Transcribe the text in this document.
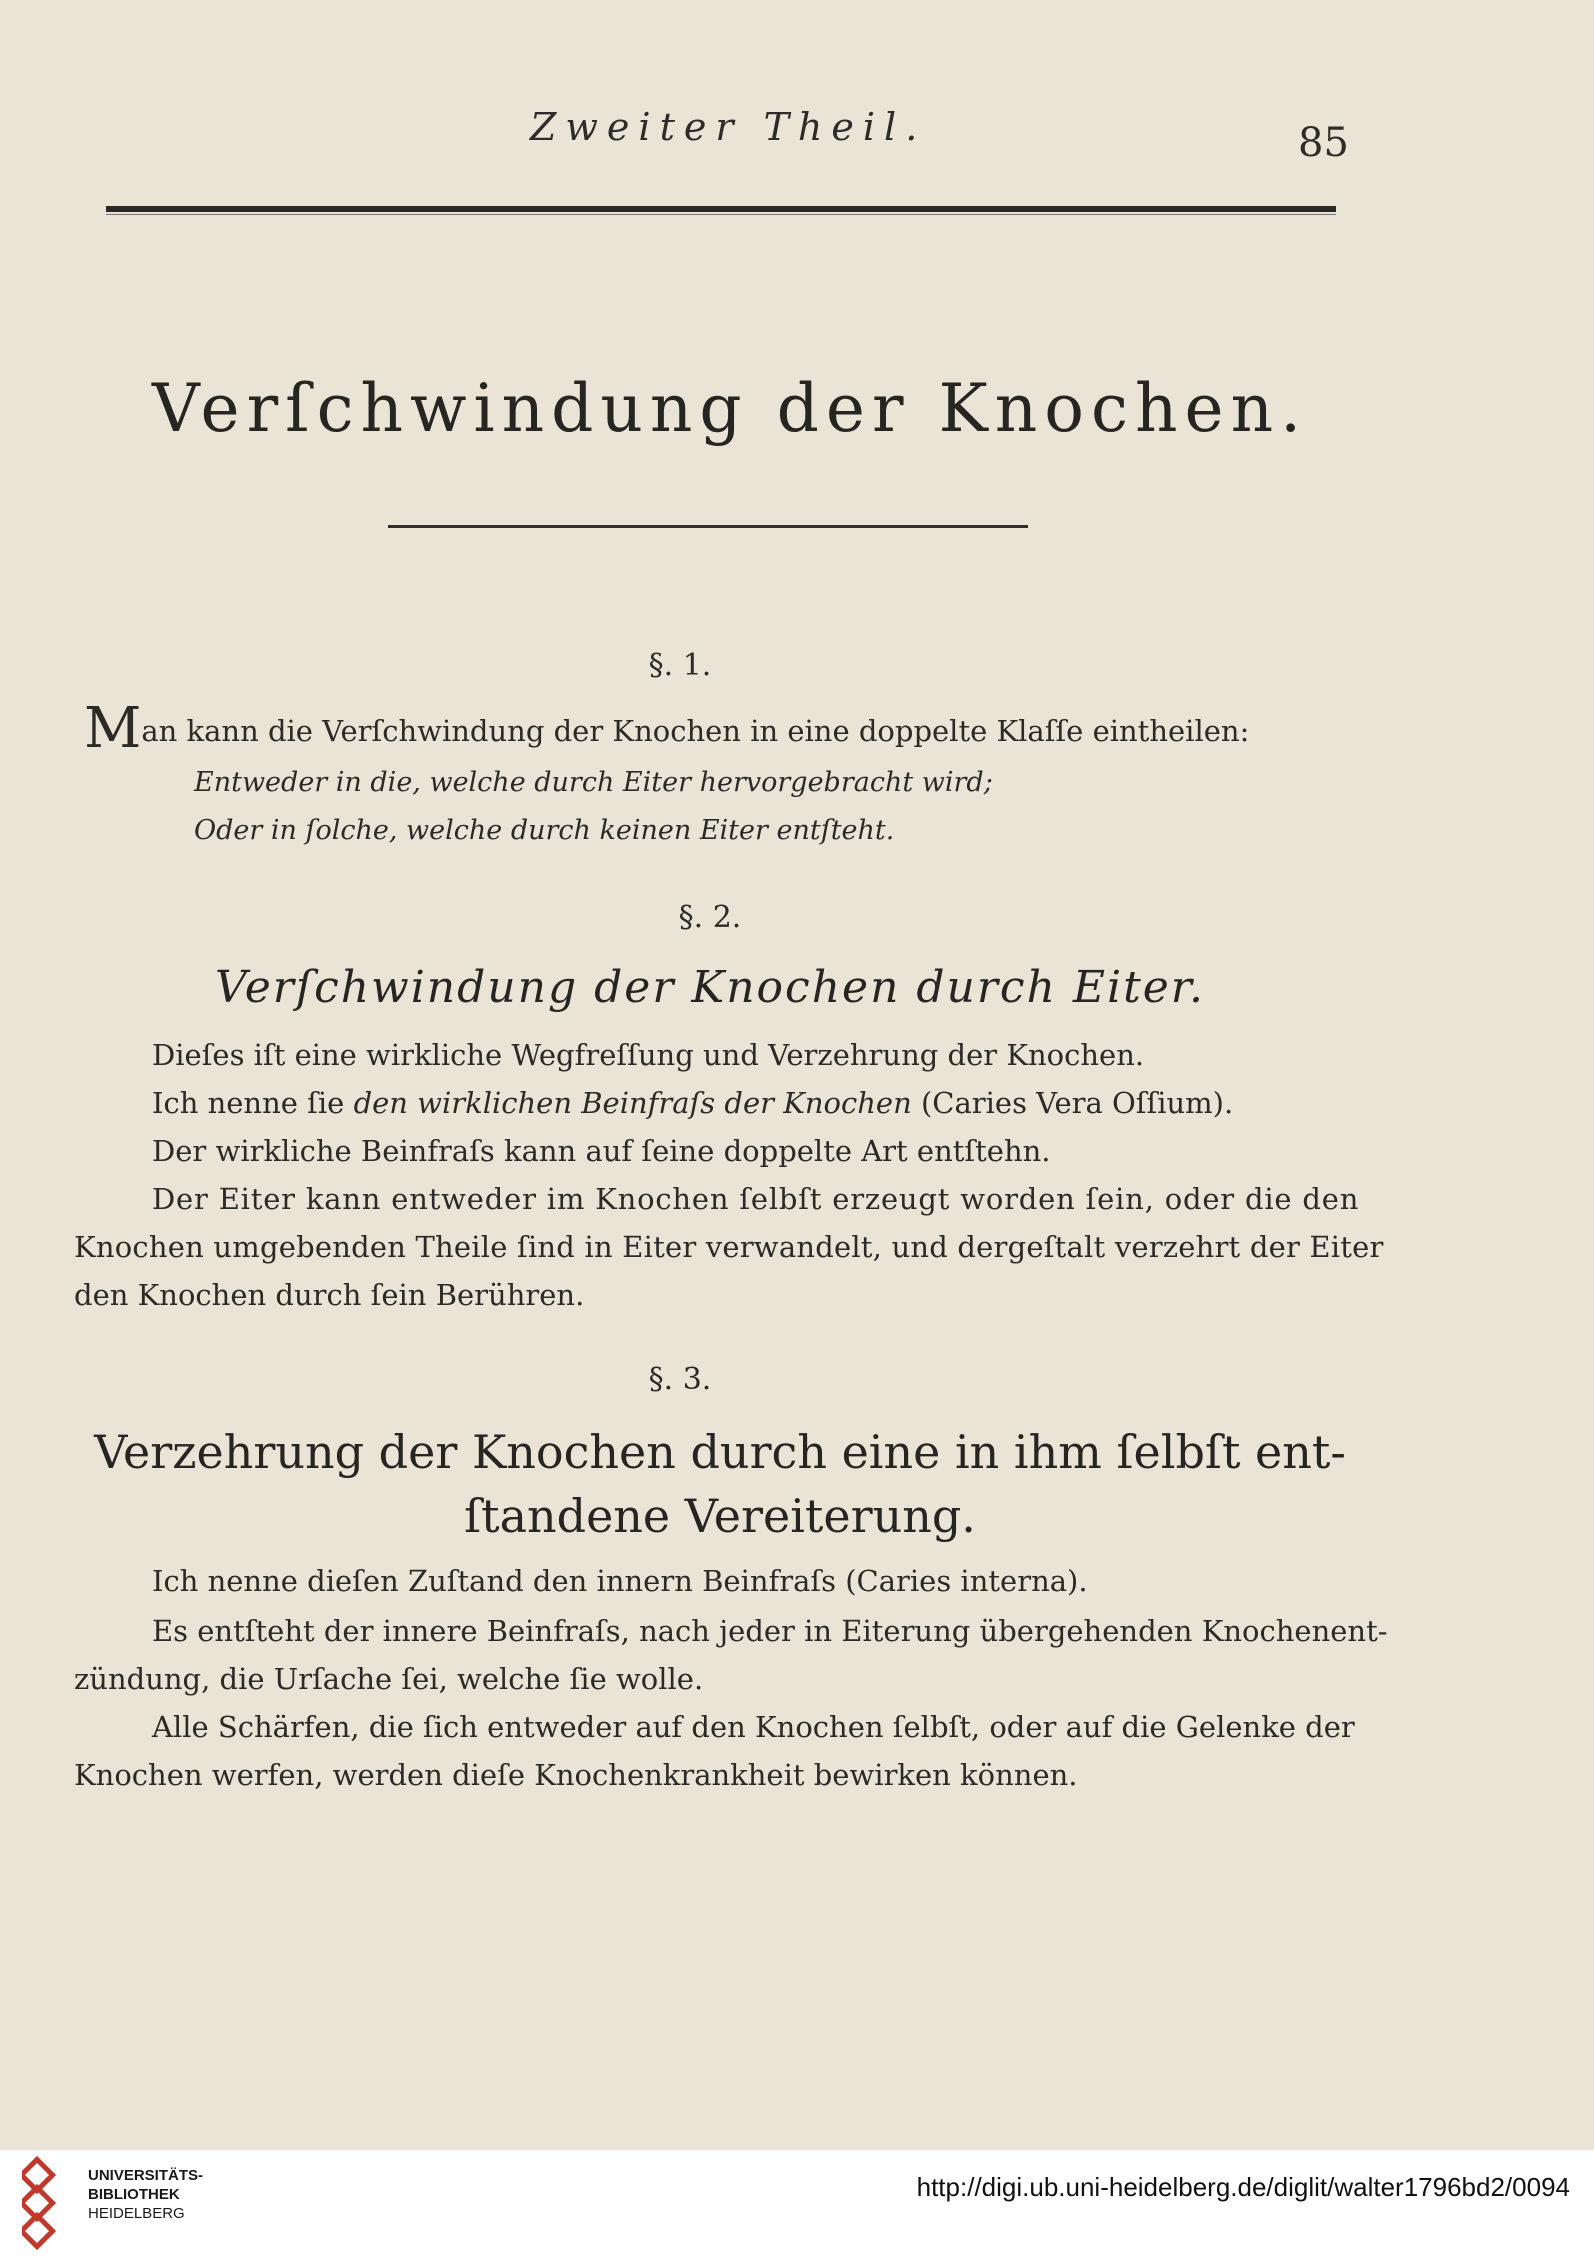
Zweiter Theil.	85
Verſchwindung der Knochen.
§. 1.
Man kann die Verſchwindung der Knochen in eine doppelte Klaſſe eintheilen:
Entweder in die, welche durch Eiter hervorgebracht wird;
Oder in ſolche, welche durch keinen Eiter entſteht.
§. 2.
Verſchwindung der Knochen durch Eiter.
Dieſes iſt eine wirkliche Wegfreſſung und Verzehrung der Knochen.
Ich nenne ſie den wirklichen Beinfraſs der Knochen (Caries Vera Oſſium).
Der wirkliche Beinfraſs kann auf ſeine doppelte Art entſtehn.
Der Eiter kann entweder im Knochen ſelbſt erzeugt worden ſein, oder die den
Knochen umgebenden Theile ſind in Eiter verwandelt, und dergeſtalt verzehrt der Eiter
den Knochen durch ſein Berühren.
§. 3.
Verzehrung der Knochen durch eine in ihm ſelbſt ent-
ſtandene Vereiterung.
Ich nenne dieſen Zuſtand den innern Beinfraſs (Caries interna).
Es entſteht der innere Beinfraſs, nach jeder in Eiterung übergehenden Knochenent-
zündung, die Urſache ſei, welche ſie wolle.
Alle Schärfen, die ſich entweder auf den Knochen ſelbſt, oder auf die Gelenke der
Knochen werfen, werden dieſe Knochenkrankheit bewirken können.
UNIVERSITÄTS-
BIBLIOTHEK
HEIDELBERG
http://digi.ub.uni-heidelberg.de/diglit/walter1796bd2/0094
